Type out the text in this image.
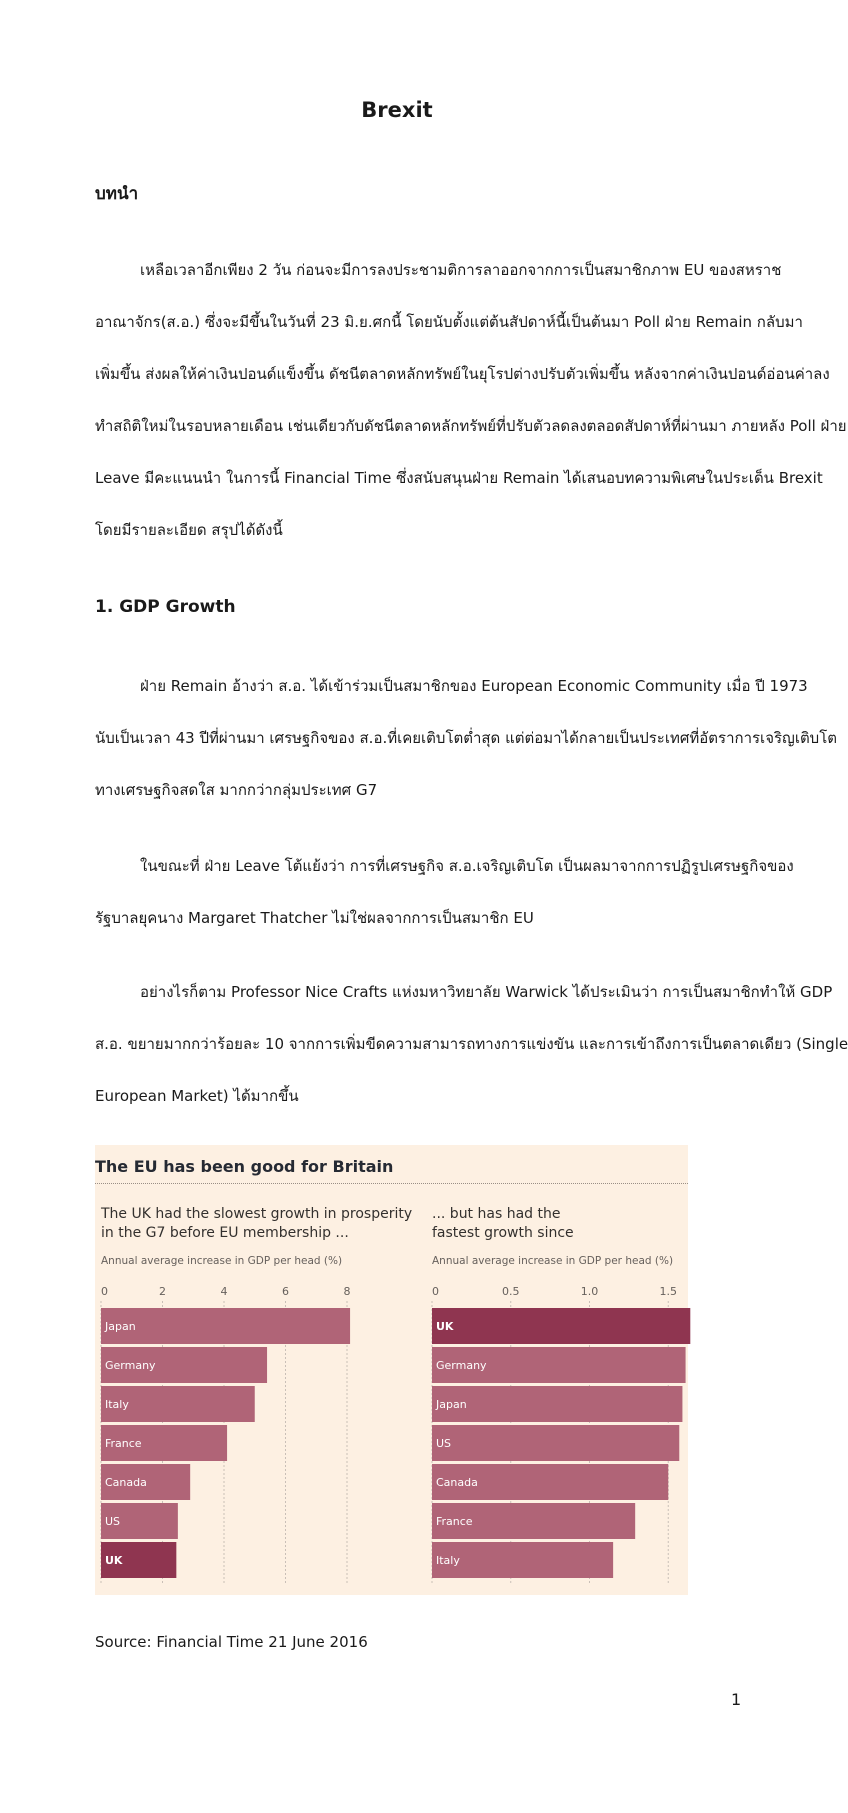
Brexit
บทนำ
เหลือเวลาอีกเพียง 2 วัน ก่อนจะมีการลงประชามติการลาออกจากการเป็นสมาชิกภาพ EU ของสหราช
อาณาจักร(ส.อ.) ซึ่งจะมีขึ้นในวันที่ 23 มิ.ย.ศกนี้ โดยนับตั้งแต่ต้นสัปดาห์นี้เป็นต้นมา Poll ฝ่าย Remain กลับมา
เพิ่มขึ้น ส่งผลให้ค่าเงินปอนด์แข็งขึ้น ดัชนีตลาดหลักทรัพย์ในยุโรปต่างปรับตัวเพิ่มขึ้น หลังจากค่าเงินปอนด์อ่อนค่าลง
ทำสถิติใหม่ในรอบหลายเดือน เช่นเดียวกับดัชนีตลาดหลักทรัพย์ที่ปรับตัวลดลงตลอดสัปดาห์ที่ผ่านมา ภายหลัง Poll ฝ่าย
Leave มีคะแนนนำ ในการนี้ Financial Time ซึ่งสนับสนุนฝ่าย Remain ได้เสนอบทความพิเศษในประเด็น Brexit
โดยมีรายละเอียด สรุปได้ดังนี้
1. GDP Growth
ฝ่าย Remain อ้างว่า ส.อ. ได้เข้าร่วมเป็นสมาชิกของ European Economic Community เมื่อ ปี 1973
นับเป็นเวลา 43 ปีที่ผ่านมา เศรษฐกิจของ ส.อ.ที่เคยเติบโตต่ำสุด แต่ต่อมาได้กลายเป็นประเทศที่อัตราการเจริญเติบโต
ทางเศรษฐกิจสดใส มากกว่ากลุ่มประเทศ G7
ในขณะที่ ฝ่าย Leave โต้แย้งว่า การที่เศรษฐกิจ ส.อ.เจริญเติบโต เป็นผลมาจากการปฏิรูปเศรษฐกิจของ
รัฐบาลยุคนาง Margaret Thatcher ไม่ใช่ผลจากการเป็นสมาชิก EU
อย่างไรก็ตาม Professor Nice Crafts แห่งมหาวิทยาลัย Warwick ได้ประเมินว่า การเป็นสมาชิกทำให้ GDP
ส.อ. ขยายมากกว่าร้อยละ 10 จากการเพิ่มขีดความสามารถทางการแข่งขัน และการเข้าถึงการเป็นตลาดเดียว (Single
European Market) ได้มากขึ้น
The EU has been good for Britain
The UK had the slowest growth in prosperity
in the G7 before EU membership ...
Annual average increase in GDP per head (%)
... but has had the
fastest growth since
Annual average increase in GDP per head (%)
0	2	4	6	8
Japan
Germany
Italy
France
Canada
US
UK
0	0.5	1.0	1.5
UK
Germany
Japan
US
Canada
France
Italy
Source: Financial Time 21 June 2016
1
